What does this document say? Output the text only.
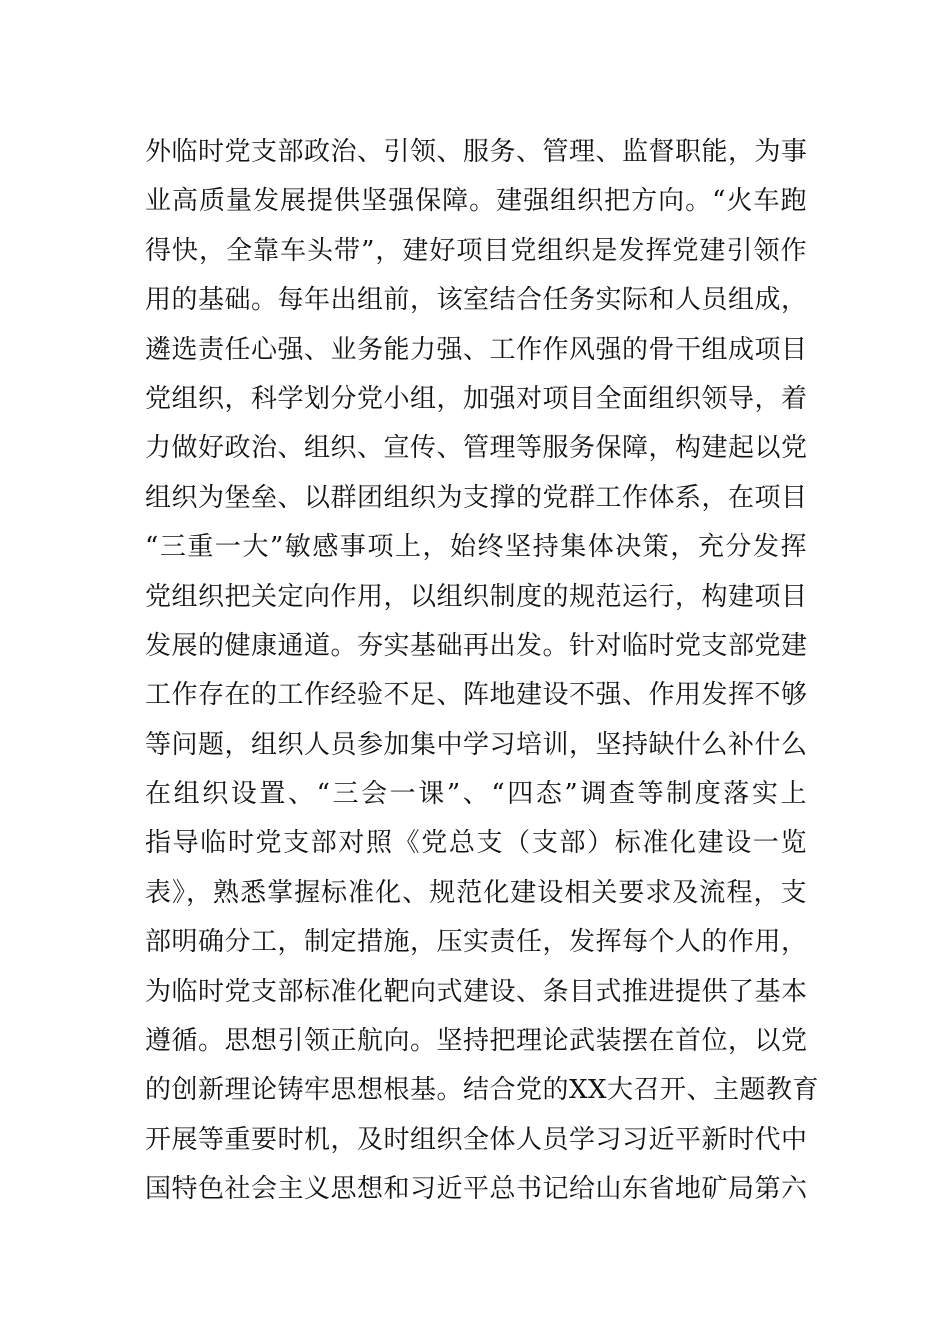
外临时党支部政治、引领、服务、管理、监督职能，为事
业高质量发展提供坚强保障。建强组织把方向。“火车跑
得快，全靠车头带”，建好项目党组织是发挥党建引领作
用的基础。每年出组前，该室结合任务实际和人员组成，
遴选责任心强、业务能力强、工作作风强的骨干组成项目
党组织，科学划分党小组，加强对项目全面组织领导，着
力做好政治、组织、宣传、管理等服务保障，构建起以党
组织为堡垒、以群团组织为支撑的党群工作体系，在项目
“三重一大”敏感事项上，始终坚持集体决策，充分发挥
党组织把关定向作用，以组织制度的规范运行，构建项目
发展的健康通道。夯实基础再出发。针对临时党支部党建
工作存在的工作经验不足、阵地建设不强、作用发挥不够
等问题，组织人员参加集中学习培训，坚持缺什么补什么
在组织设置、“三会一课”、“四态”调查等制度落实上
指导临时党支部对照《党总支（支部）标准化建设一览
表》，熟悉掌握标准化、规范化建设相关要求及流程，支
部明确分工，制定措施，压实责任，发挥每个人的作用，
为临时党支部标准化靶向式建设、条目式推进提供了基本
遵循。思想引领正航向。坚持把理论武装摆在首位，以党
的创新理论铸牢思想根基。结合党的XX大召开、主题教育
开展等重要时机，及时组织全体人员学习习近平新时代中
国特色社会主义思想和习近平总书记给山东省地矿局第六
